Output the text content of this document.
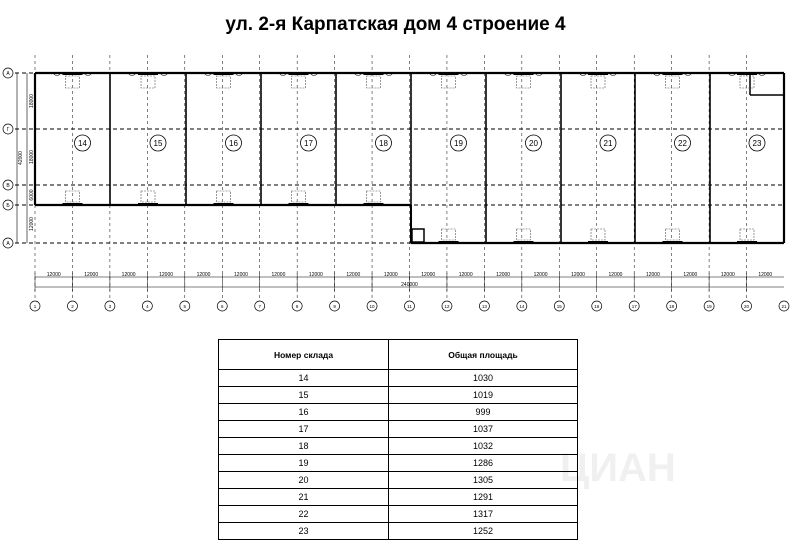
ул. 2-я Карпатская дом 4 строение 4
14	15	16	17	18	19	20	21	22	23
A
Г
В
Б
А
18000
18000
6000
12000
42000
12000	12000	12000	12000	12000	12000	12000	12000	12000	12000	12000	12000	12000	12000	12000	12000	12000	12000	12000	12000
240000
1	2	3	4	5	6	7	8	9	10	11	12	13	14	15	16	17	18	19	20	21
Номер склада	Общая площадь
14	1030
15	1019
16	999
17	1037
18	1032
19	1286
20	1305
21	1291
22	1317
23	1252
ЦИАН
